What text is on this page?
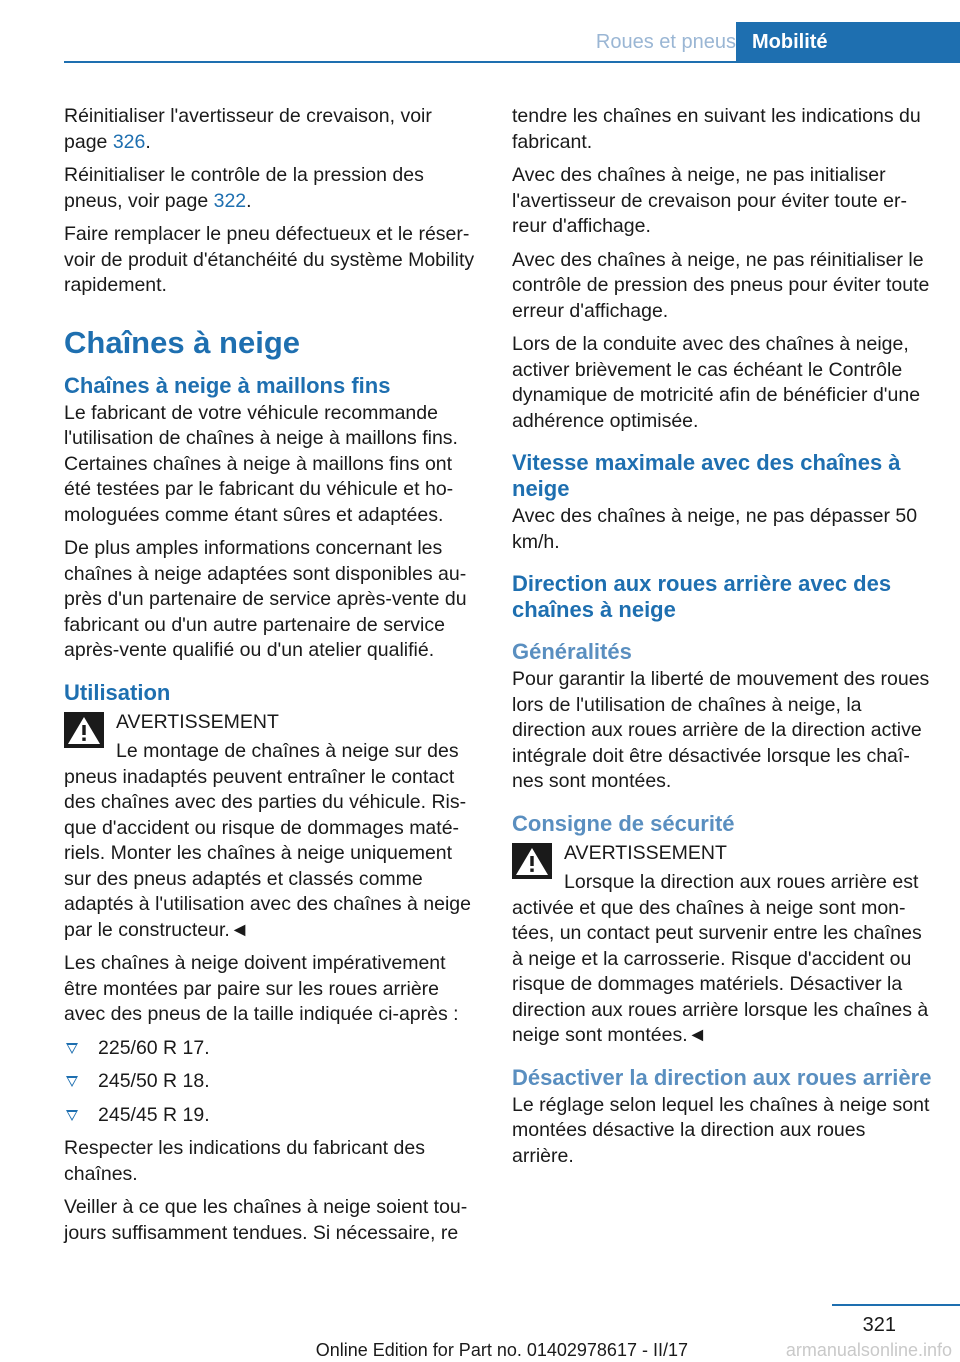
Roues et pneus Mobilité

Réinitialiser l'avertisseur de crevaison, voir page 326.

Réinitialiser le contrôle de la pression des pneus, voir page 322.

Faire remplacer le pneu défectueux et le réservoir de produit d'étanchéité du système Mobility rapidement.

Chaînes à neige
Chaînes à neige à maillons fins

Le fabricant de votre véhicule recommande l'utilisation de chaînes à neige à maillons fins. Certaines chaînes à neige à maillons fins ont été testées par le fabricant du véhicule et homologuées comme étant sûres et adaptées.

De plus amples informations concernant les chaînes à neige adaptées sont disponibles auprès d'un partenaire de service après-vente du fabricant ou d'un autre partenaire de service après-vente qualifié ou d'un atelier qualifié.

Utilisation

AVERTISSEMENT

Le montage de chaînes à neige sur des

pneus inadaptés peuvent entraîner le contact des chaînes avec des parties du véhicule. Risque d'accident ou risque de dommages matériels. Monter les chaînes à neige uniquement sur des pneus adaptés et classés comme adaptés à l'utilisation avec des chaînes à neige par le constructeur.◄

Les chaînes à neige doivent impérativement être montées par paire sur les roues arrière avec des pneus de la taille indiquée ci-après :

225/60 R 17.
245/50 R 18.
245/45 R 19.

Respecter les indications du fabricant des chaînes.

Veiller à ce que les chaînes à neige soient toujours suffisamment tendues. Si nécessaire, re

tendre les chaînes en suivant les indications du fabricant.

Avec des chaînes à neige, ne pas initialiser l'avertisseur de crevaison pour éviter toute erreur d'affichage.

Avec des chaînes à neige, ne pas réinitialiser le contrôle de pression des pneus pour éviter toute erreur d'affichage.

Lors de la conduite avec des chaînes à neige, activer brièvement le cas échéant le Contrôle dynamique de motricité afin de bénéficier d'une adhérence optimisée.

Vitesse maximale avec des chaînes à neige

Avec des chaînes à neige, ne pas dépasser 50 km/h.

Direction aux roues arrière avec des chaînes à neige
Généralités

Pour garantir la liberté de mouvement des roues lors de l'utilisation de chaînes à neige, la direction aux roues arrière de la direction active intégrale doit être désactivée lorsque les chaînes sont montées.

Consigne de sécurité

AVERTISSEMENT

Lorsque la direction aux roues arrière est

activée et que des chaînes à neige sont montées, un contact peut survenir entre les chaînes à neige et la carrosserie. Risque d'accident ou risque de dommages matériels. Désactiver la direction aux roues arrière lorsque les chaînes à neige sont montées.◄

Désactiver la direction aux roues arrière

Le réglage selon lequel les chaînes à neige sont montées désactive la direction aux roues arrière.

321
Online Edition for Part no. 01402978617 - II/17	armanualsonline.info
